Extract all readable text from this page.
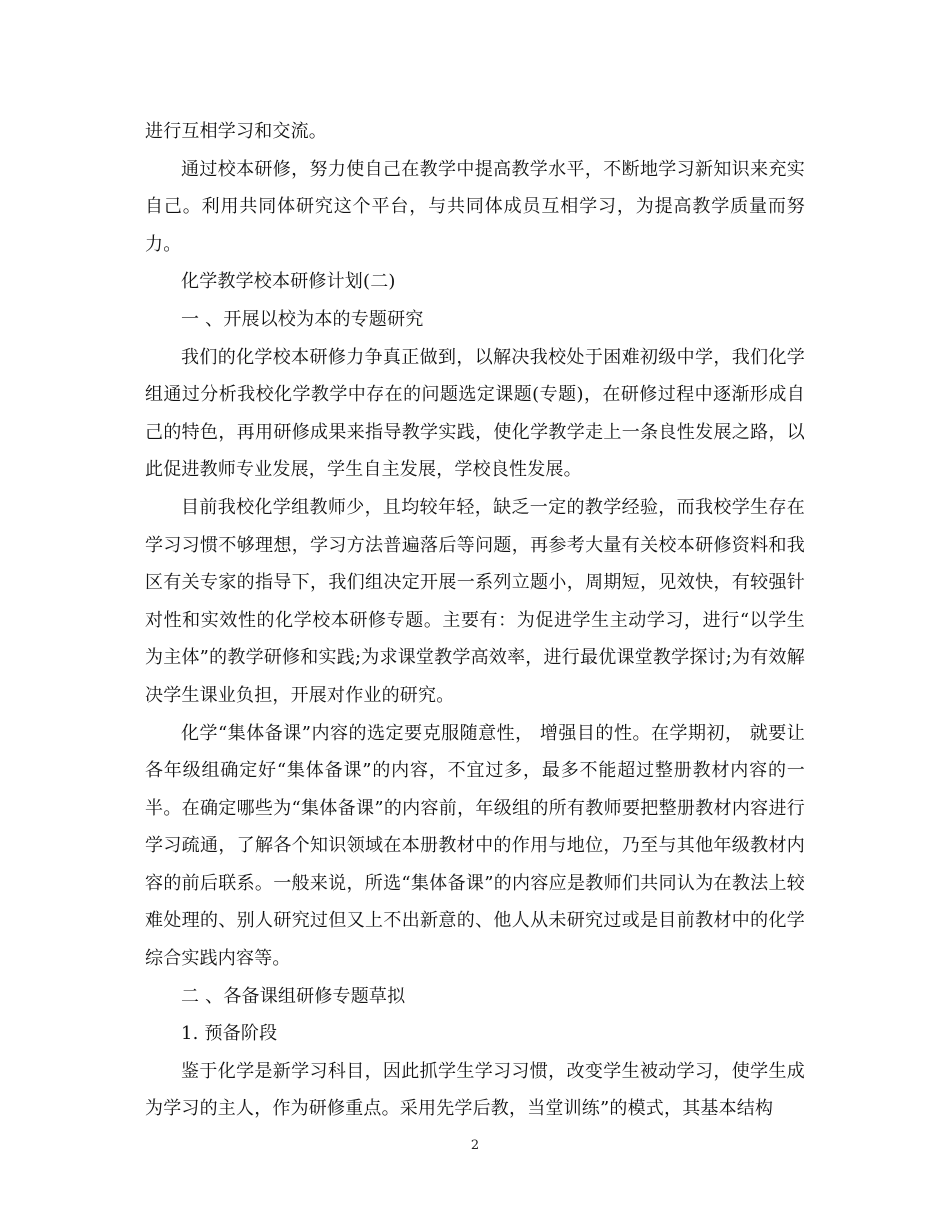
进行互相学习和交流。

通过校本研修，努力使自己在教学中提高教学水平，不断地学习新知识来充实自己。利用共同体研究这个平台，与共同体成员互相学习，为提高教学质量而努力。

化学教学校本研修计划(二)

一 、开展以校为本的专题研究

我们的化学校本研修力争真正做到，以解决我校处于困难初级中学，我们化学组通过分析我校化学教学中存在的问题选定课题(专题)，在研修过程中逐渐形成自己的特色，再用研修成果来指导教学实践，使化学教学走上一条良性发展之路，以此促进教师专业发展，学生自主发展，学校良性发展。

目前我校化学组教师少，且均较年轻，缺乏一定的教学经验，而我校学生存在学习习惯不够理想，学习方法普遍落后等问题，再参考大量有关校本研修资料和我区有关专家的指导下，我们组决定开展一系列立题小，周期短，见效快，有较强针对性和实效性的化学校本研修专题。主要有：为促进学生主动学习，进行“以学生为主体”的教学研修和实践;为求课堂教学高效率，进行最优课堂教学探讨;为有效解决学生课业负担，开展对作业的研究。

化学“集体备课”内容的选定要克服随意性， 增强目的性。在学期初， 就要让各年级组确定好“集体备课”的内容，不宜过多，最多不能超过整册教材内容的一半。在确定哪些为“集体备课”的内容前，年级组的所有教师要把整册教材内容进行学习疏通，了解各个知识领域在本册教材中的作用与地位，乃至与其他年级教材内容的前后联系。一般来说，所选“集体备课”的内容应是教师们共同认为在教法上较难处理的、别人研究过但又上不出新意的、他人从未研究过或是目前教材中的化学综合实践内容等。

二 、各备课组研修专题草拟

1. 预备阶段

鉴于化学是新学习科目，因此抓学生学习习惯，改变学生被动学习，使学生成为学习的主人，作为研修重点。采用先学后教，当堂训练”的模式，其基本结构

2
